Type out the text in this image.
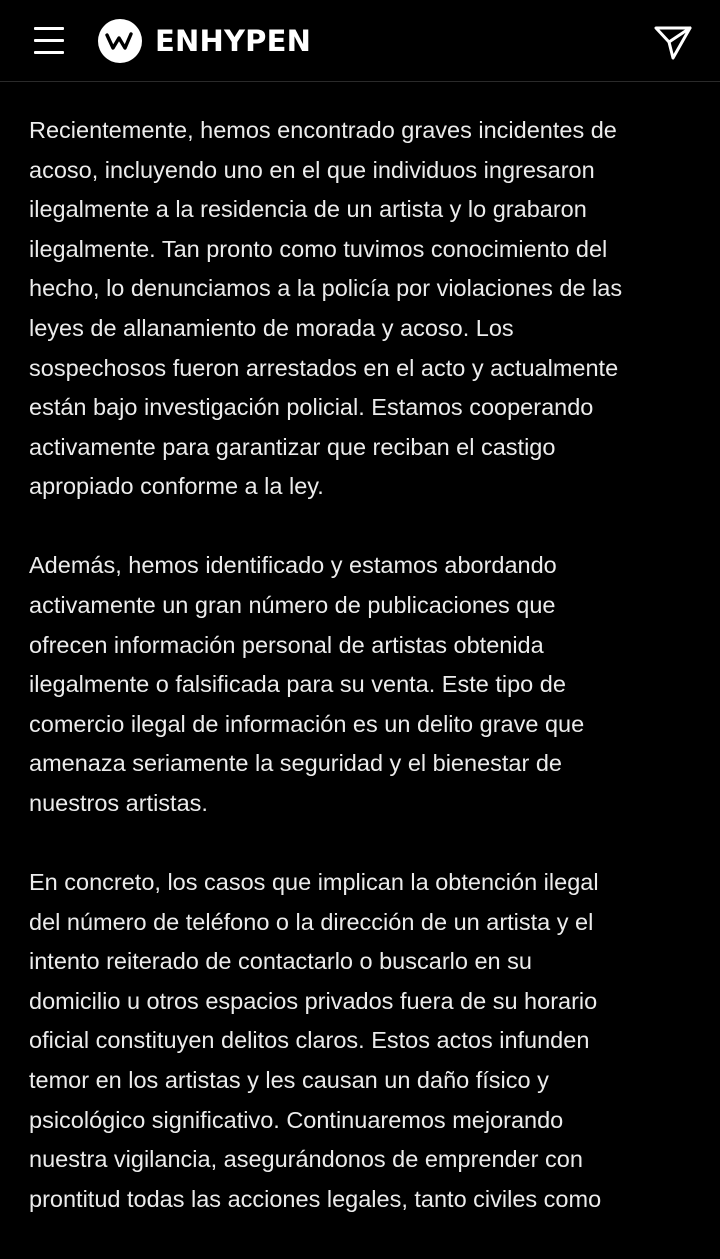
ENHYPEN

Recientemente, hemos encontrado graves incidentes de
acoso, incluyendo uno en el que individuos ingresaron
ilegalmente a la residencia de un artista y lo grabaron
ilegalmente. Tan pronto como tuvimos conocimiento del
hecho, lo denunciamos a la policía por violaciones de las
leyes de allanamiento de morada y acoso. Los
sospechosos fueron arrestados en el acto y actualmente
están bajo investigación policial. Estamos cooperando
activamente para garantizar que reciban el castigo
apropiado conforme a la ley.

Además, hemos identificado y estamos abordando
activamente un gran número de publicaciones que
ofrecen información personal de artistas obtenida
ilegalmente o falsificada para su venta. Este tipo de
comercio ilegal de información es un delito grave que
amenaza seriamente la seguridad y el bienestar de
nuestros artistas.

En concreto, los casos que implican la obtención ilegal
del número de teléfono o la dirección de un artista y el
intento reiterado de contactarlo o buscarlo en su
domicilio u otros espacios privados fuera de su horario
oficial constituyen delitos claros. Estos actos infunden
temor en los artistas y les causan un daño físico y
psicológico significativo. Continuaremos mejorando
nuestra vigilancia, asegurándonos de emprender con
prontitud todas las acciones legales, tanto civiles como
